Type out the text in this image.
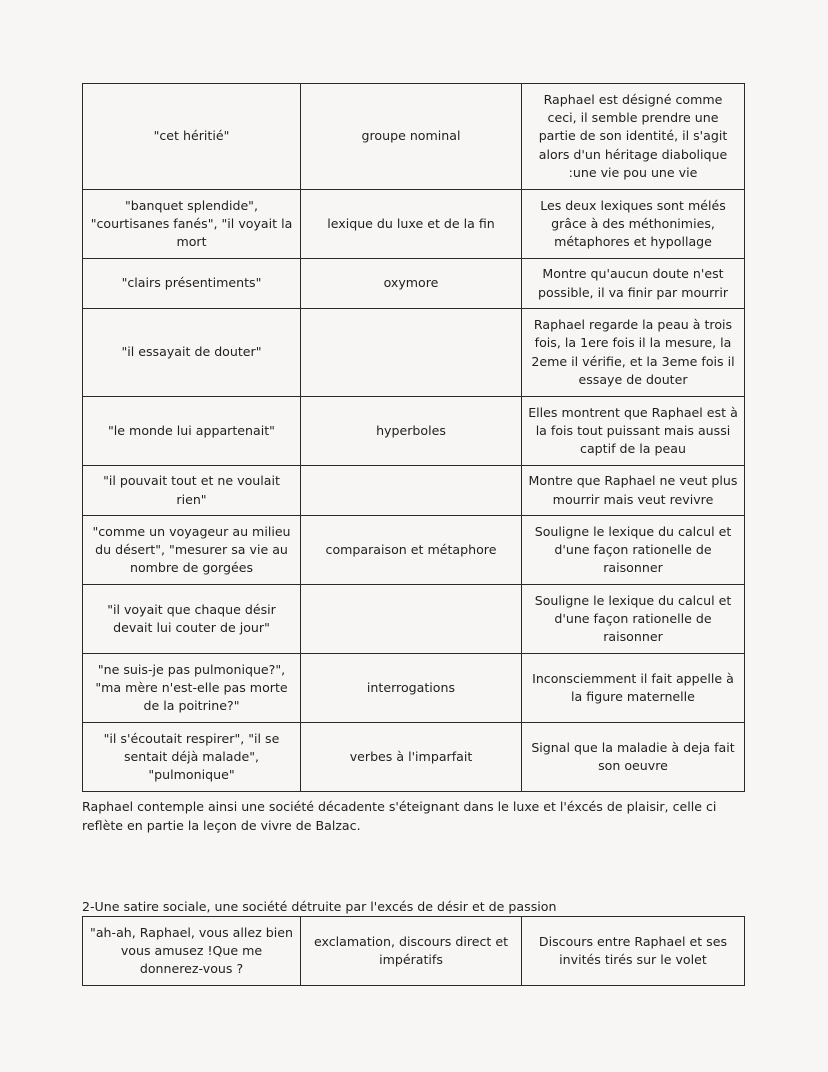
"cet héritié"	groupe nominal	Raphael est désigné comme ceci, il semble prendre une partie de son identité, il s'agit alors d'un héritage diabolique :une vie pou une vie
"banquet splendide", "courtisanes fanés", "il voyait la mort	lexique du luxe et de la fin	Les deux lexiques sont mélés grâce à des méthonimies, métaphores et hypollage
"clairs présentiments"	oxymore	Montre qu'aucun doute n'est possible, il va finir par mourrir
"il essayait de douter"		Raphael regarde la peau à trois fois, la 1ere fois il la mesure, la 2eme il vérifie, et la 3eme fois il essaye de douter
"le monde lui appartenait"	hyperboles	Elles montrent que Raphael est à la fois tout puissant mais aussi captif de la peau
"il pouvait tout et ne voulait rien"		Montre que Raphael ne veut plus mourrir mais veut revivre
"comme un voyageur au milieu du désert", "mesurer sa vie au nombre de gorgées	comparaison et métaphore	Souligne le lexique du calcul et d'une façon rationelle de raisonner
"il voyait que chaque désir devait lui couter de jour"		Souligne le lexique du calcul et d'une façon rationelle de raisonner
"ne suis-je pas pulmonique?", "ma mère n'est-elle pas morte de la poitrine?"	interrogations	Inconsciemment il fait appelle à la figure maternelle
"il s'écoutait respirer", "il se sentait déjà malade", "pulmonique"	verbes à l'imparfait	Signal que la maladie à deja fait son oeuvre

Raphael contemple ainsi une société décadente s'éteignant dans le luxe et l'éxcés de plaisir, celle ci reflète en partie la leçon de vivre de Balzac.

2-Une satire sociale, une société détruite par l'excés de désir et de passion

"ah-ah, Raphael, vous allez bien vous amusez !Que me donnerez-vous ?	exclamation, discours direct et impératifs	Discours entre Raphael et ses invités tirés sur le volet
